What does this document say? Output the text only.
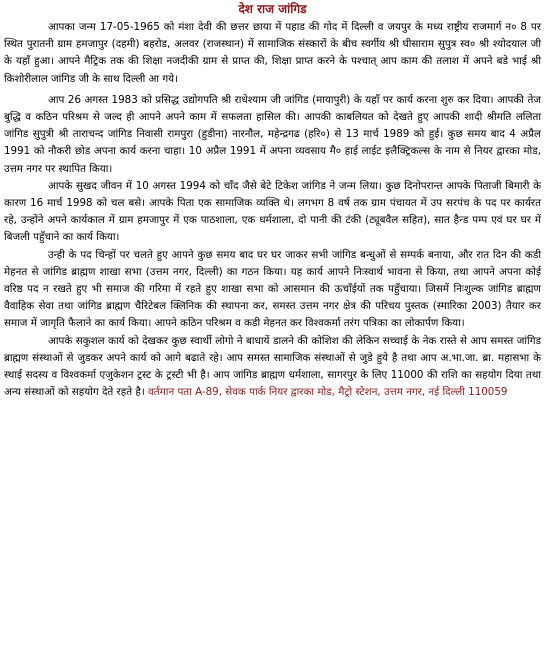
देश राज जांगिड

आपका जन्म 17-05-1965 को मंशा देवी की छत्तर छाया में पहाड की गोद में दिल्ली व जयपुर के मध्य राष्ट्रीय राजमार्ग न० 8 पर स्थित पुरातनी ग्राम हमजापुर (दहमी) बहरोड, अलवर (राजस्थान) में सामाजिक संस्कारों के बीच स्वर्गीय श्री घीसाराम सुपुत्र स्व० श्री श्योदयाल जी के यहाँ हुआ। आपने मैट्रिक तक की शिक्षा नजदीकी ग्राम से प्राप्त की, शिक्षा प्राप्त करने के पश्चात् आप काम की तलाश में अपने बडे भाई श्री किशोरीलाल जांगिड जी के साथ दिल्ली आ गये।

आप 26 अगस्त 1983 को प्रसिद्ध उद्योगपति श्री राधेश्याम जी जांगिड (मायापुरी) के यहाँ पर कार्य करना शुरु कर दिया। आपकी तेज बुद्धि व कठिन परिश्रम से जल्द ही आपने अपने काम में सफलता हासिल की। आपकी काबलियत को देखते हुए आपकी शादी श्रीमति ललिता जांगिड सुपुत्री श्री ताराचन्द जांगिड निवासी रामपुरा (हुडीना) नारनौल, महेन्द्रगढ (हरि०) से 13 मार्च 1989 को हुई। कुछ समय बाद 4 अप्रैल 1991 को नौकरी छोड अपना कार्य करना चाहा। 10 अप्रैल 1991 में अपना व्यवसाय मै० हाई लाईट इलैक्ट्रिकल्स के नाम से नियर द्वारका मोड, उत्तम नगर पर स्थापित किया।

आपके सुखद जीवन में 10 अगस्त 1994 को चाँद जैसे बेटे टिकेश जांगिड ने जन्म लिया। कुछ दिनोपरान्त आपके पिताजी बिमारी के कारण 16 मार्च 1998 को चल बसे। आपके पिता एक सामाजिक व्यक्ति थे। लगभग 8 वर्ष तक ग्राम पंचायत में उप सरपंच के पद पर कार्यरत रहे, उन्होंने अपने कार्यकाल में ग्राम हमजापुर में एक पाठशाला, एक धर्मशाला, दो पानी की टंकी (ट्यूबवैल सहित), सात हैन्ड पम्प एवं घर घर में बिजली पहुँचाने का कार्य किया।

उन्ही के पद चिन्हों पर चलते हुए आपने कुछ समय बाद घर घर जाकर सभी जांगिड बन्धुओं से सम्पर्क बनाया, और रात दिन की कडी मेहनत से जांगिड ब्राह्मण शाखा सभा (उत्तम नगर, दिल्ली) का गठन किया। यह कार्य आपने निःस्वार्थ भावना से किया, तथा आपने अपना कोई वरिष्ठ पद न रखते हुए भी समाज की गरिमा में रहते हुए शाखा सभा को आसमान की ऊचाँईयों तक पहुँचाया। जिसमें निःशुल्क जांगिड ब्राह्मण वैवाहिक सेवा तथा जांगिड ब्राह्मण चैरिटेबल क्लिनिक की स्थापना कर, समस्त उत्तम नगर क्षेत्र की परिचय पुस्तक (स्मारिका 2003) तैयार कर समाज में जागृति फैलाने का कार्य किया। आपने कठिन परिश्रम व कडी मेहनत कर विश्वकर्मा तरंग पत्रिका का लोकार्पण किया।

आपके सकुशल कार्य को देखकर कुछ स्वार्थी लोगो ने बाधायें डालने की कोशिश की लेकिन सच्चाई के नेक रास्ते से आप समस्त जांगिड ब्राह्मण संस्थाओं से जुडकर अपने कार्य को आगे बढाते रहे। आप समस्त सामाजिक संस्थाओं से जुडे हुये है तथा आप अ.भा.जा. ब्रा. महासभा के स्थाई सदस्य व विश्वकर्मा एजुकेशन ट्रस्ट के ट्रस्टी भी है। आप जांगिड ब्राह्मण धर्मशाला, सागरपुर के लिए 11000 की राशि का सहयोग दिया तथा अन्य संस्थाओं को सहयोग देते रहते है। वर्तमान पता A-89, सेवक पार्क नियर द्वारका मोड, मैट्रो स्टेशन, उत्तम नगर, नई दिल्ली 110059
